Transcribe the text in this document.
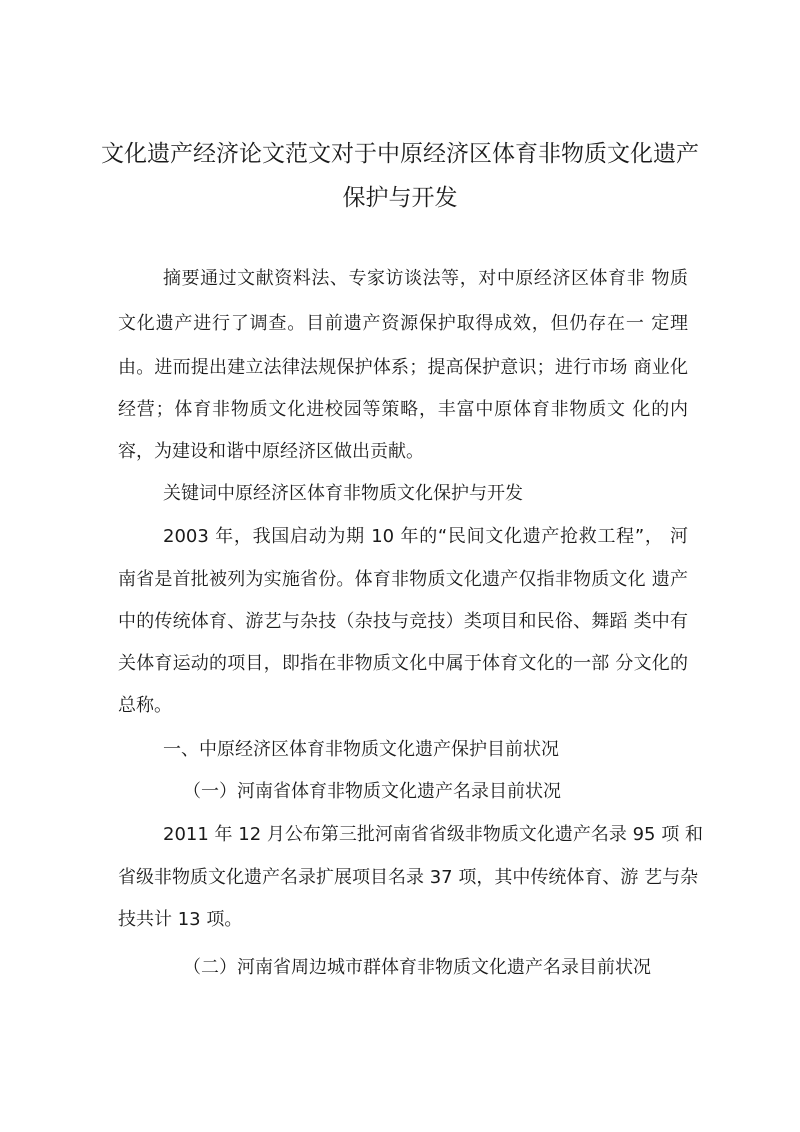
文化遗产经济论文范文对于中原经济区体育非物质文化遗产
保护与开发

摘要通过文献资料法、专家访谈法等，对中原经济区体育非 物质

文化遗产进行了调查。目前遗产资源保护取得成效，但仍存在一 定理

由。进而提出建立法律法规保护体系；提高保护意识；进行市场 商业化

经营；体育非物质文化进校园等策略，丰富中原体育非物质文 化的内

容，为建设和谐中原经济区做出贡献。

关键词中原经济区体育非物质文化保护与开发

2003 年，我国启动为期 10 年的“民间文化遗产抢救工程”， 河

南省是首批被列为实施省份。体育非物质文化遗产仅指非物质文化 遗产

中的传统体育、游艺与杂技（杂技与竞技）类项目和民俗、舞蹈 类中有

关体育运动的项目，即指在非物质文化中属于体育文化的一部 分文化的

总称。

一、中原经济区体育非物质文化遗产保护目前状况

（一）河南省体育非物质文化遗产名录目前状况

2011 年 12 月公布第三批河南省省级非物质文化遗产名录 95 项 和

省级非物质文化遗产名录扩展项目名录 37 项，其中传统体育、游 艺与杂

技共计 13 项。

（二）河南省周边城市群体育非物质文化遗产名录目前状况
